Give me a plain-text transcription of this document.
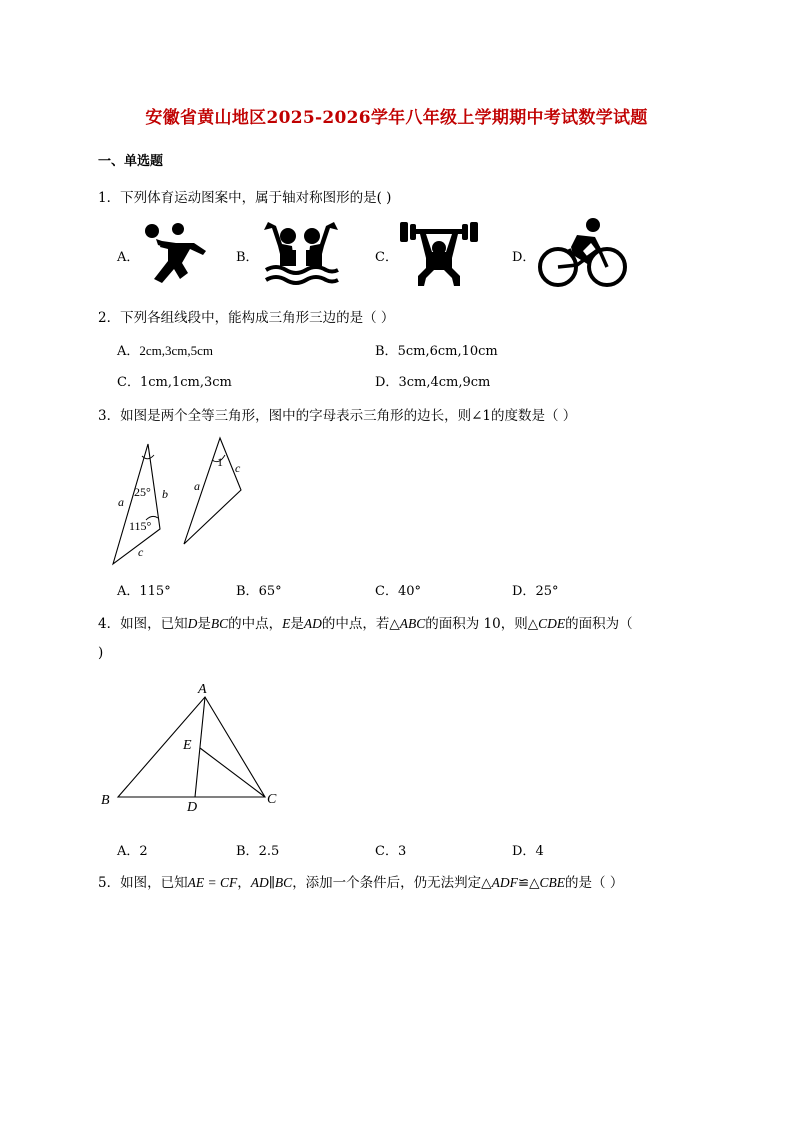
安徽省黄山地区2025-2026学年八年级上学期期中考试数学试题
一、单选题
1．下列体育运动图案中，属于轴对称图形的是( )
A．	B．	C．	D．
2．下列各组线段中，能构成三角形三边的是（ ）
A．2cm,3cm,5cm	B．5cm,6cm,10cm
C．1cm,1cm,3cm	D．3cm,4cm,9cm
3．如图是两个全等三角形，图中的字母表示三角形的边长，则∠1的度数是（ ）
25°
115°
a
b
c
1
a
c
A．115°	B．65°	C．40°	D．25°
4．如图，已知D是BC的中点，E是AD的中点，若△ABC的面积为 10，则△CDE的面积为（
)
A
B	C
D
E
A．2	B．2.5	C．3	D．4
5．如图，已知AE = CF，AD∥BC，添加一个条件后，仍无法判定△ADF≌△CBE的是（ ）
